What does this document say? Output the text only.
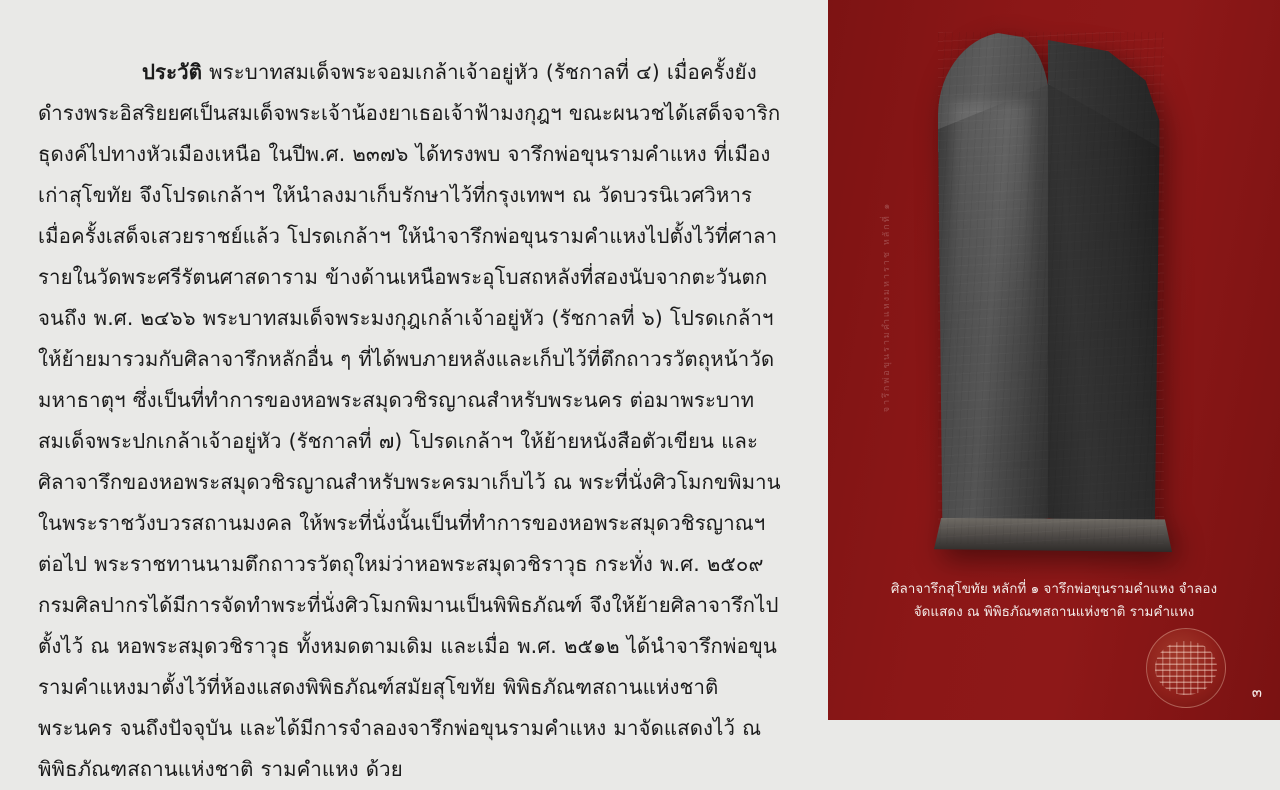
ประวัติ พระบาทสมเด็จพระจอมเกล้าเจ้าอยู่หัว (รัชกาลที่ ๔) เมื่อครั้งยังดำรงพระอิสริยยศเป็นสมเด็จพระเจ้าน้องยาเธอเจ้าฟ้ามงกุฎฯ ขณะผนวชได้เสด็จจาริกธุดงค์ไปทางหัวเมืองเหนือ ในปีพ.ศ. ๒๓๗๖ ได้ทรงพบ จารึกพ่อขุนรามคำแหง ที่เมืองเก่าสุโขทัย จึงโปรดเกล้าฯ ให้นำลงมาเก็บรักษาไว้ที่กรุงเทพฯ ณ วัดบวรนิเวศวิหาร เมื่อครั้งเสด็จเสวยราชย์แล้ว โปรดเกล้าฯ ให้นำจารึกพ่อขุนรามคำแหงไปตั้งไว้ที่ศาลารายในวัดพระศรีรัตนศาสดาราม ข้างด้านเหนือพระอุโบสถหลังที่สองนับจากตะวันตก จนถึง พ.ศ. ๒๔๖๖ พระบาทสมเด็จพระมงกุฎเกล้าเจ้าอยู่หัว (รัชกาลที่ ๖) โปรดเกล้าฯ ให้ย้ายมารวมกับศิลาจารึกหลักอื่น ๆ ที่ได้พบภายหลังและเก็บไว้ที่ตึกถาวรวัตถุหน้าวัดมหาธาตุฯ ซึ่งเป็นที่ทำการของหอพระสมุดวชิรญาณสำหรับพระนคร ต่อมาพระบาทสมเด็จพระปกเกล้าเจ้าอยู่หัว (รัชกาลที่ ๗) โปรดเกล้าฯ ให้ย้ายหนังสือตัวเขียน และศิลาจารึกของหอพระสมุดวชิรญาณสำหรับพระครมาเก็บไว้ ณ พระที่นั่งศิวโมกขพิมาน ในพระราชวังบวรสถานมงคล ให้พระที่นั่งนั้นเป็นที่ทำการของหอพระสมุดวชิรญาณฯ ต่อไป พระราชทานนามตึกถาวรวัตถุใหม่ว่าหอพระสมุดวชิราวุธ กระทั่ง พ.ศ. ๒๕๐๙ กรมศิลปากรได้มีการจัดทำพระที่นั่งศิวโมกพิมานเป็นพิพิธภัณฑ์ จึงให้ย้ายศิลาจารึกไปตั้งไว้ ณ หอพระสมุดวชิราวุธ ทั้งหมดตามเดิม และเมื่อ พ.ศ. ๒๕๑๒ ได้นำจารึกพ่อขุนรามคำแหงมาตั้งไว้ที่ห้องแสดงพิพิธภัณฑ์สมัยสุโขทัย พิพิธภัณฑสถานแห่งชาติ พระนคร จนถึงปัจจุบัน และได้มีการจำลองจารึกพ่อขุนรามคำแหง มาจัดแสดงไว้ ณ พิพิธภัณฑสถานแห่งชาติ รามคำแหง ด้วย

จารึกพ่อขุนรามคำแหงมหาราช หลักที่ ๑
ศิลาจารึกสุโขทัย หลักที่ ๑ จารึกพ่อขุนรามคำแหง จำลอง
จัดแสดง ณ พิพิธภัณฑสถานแห่งชาติ รามคำแหง
๓
